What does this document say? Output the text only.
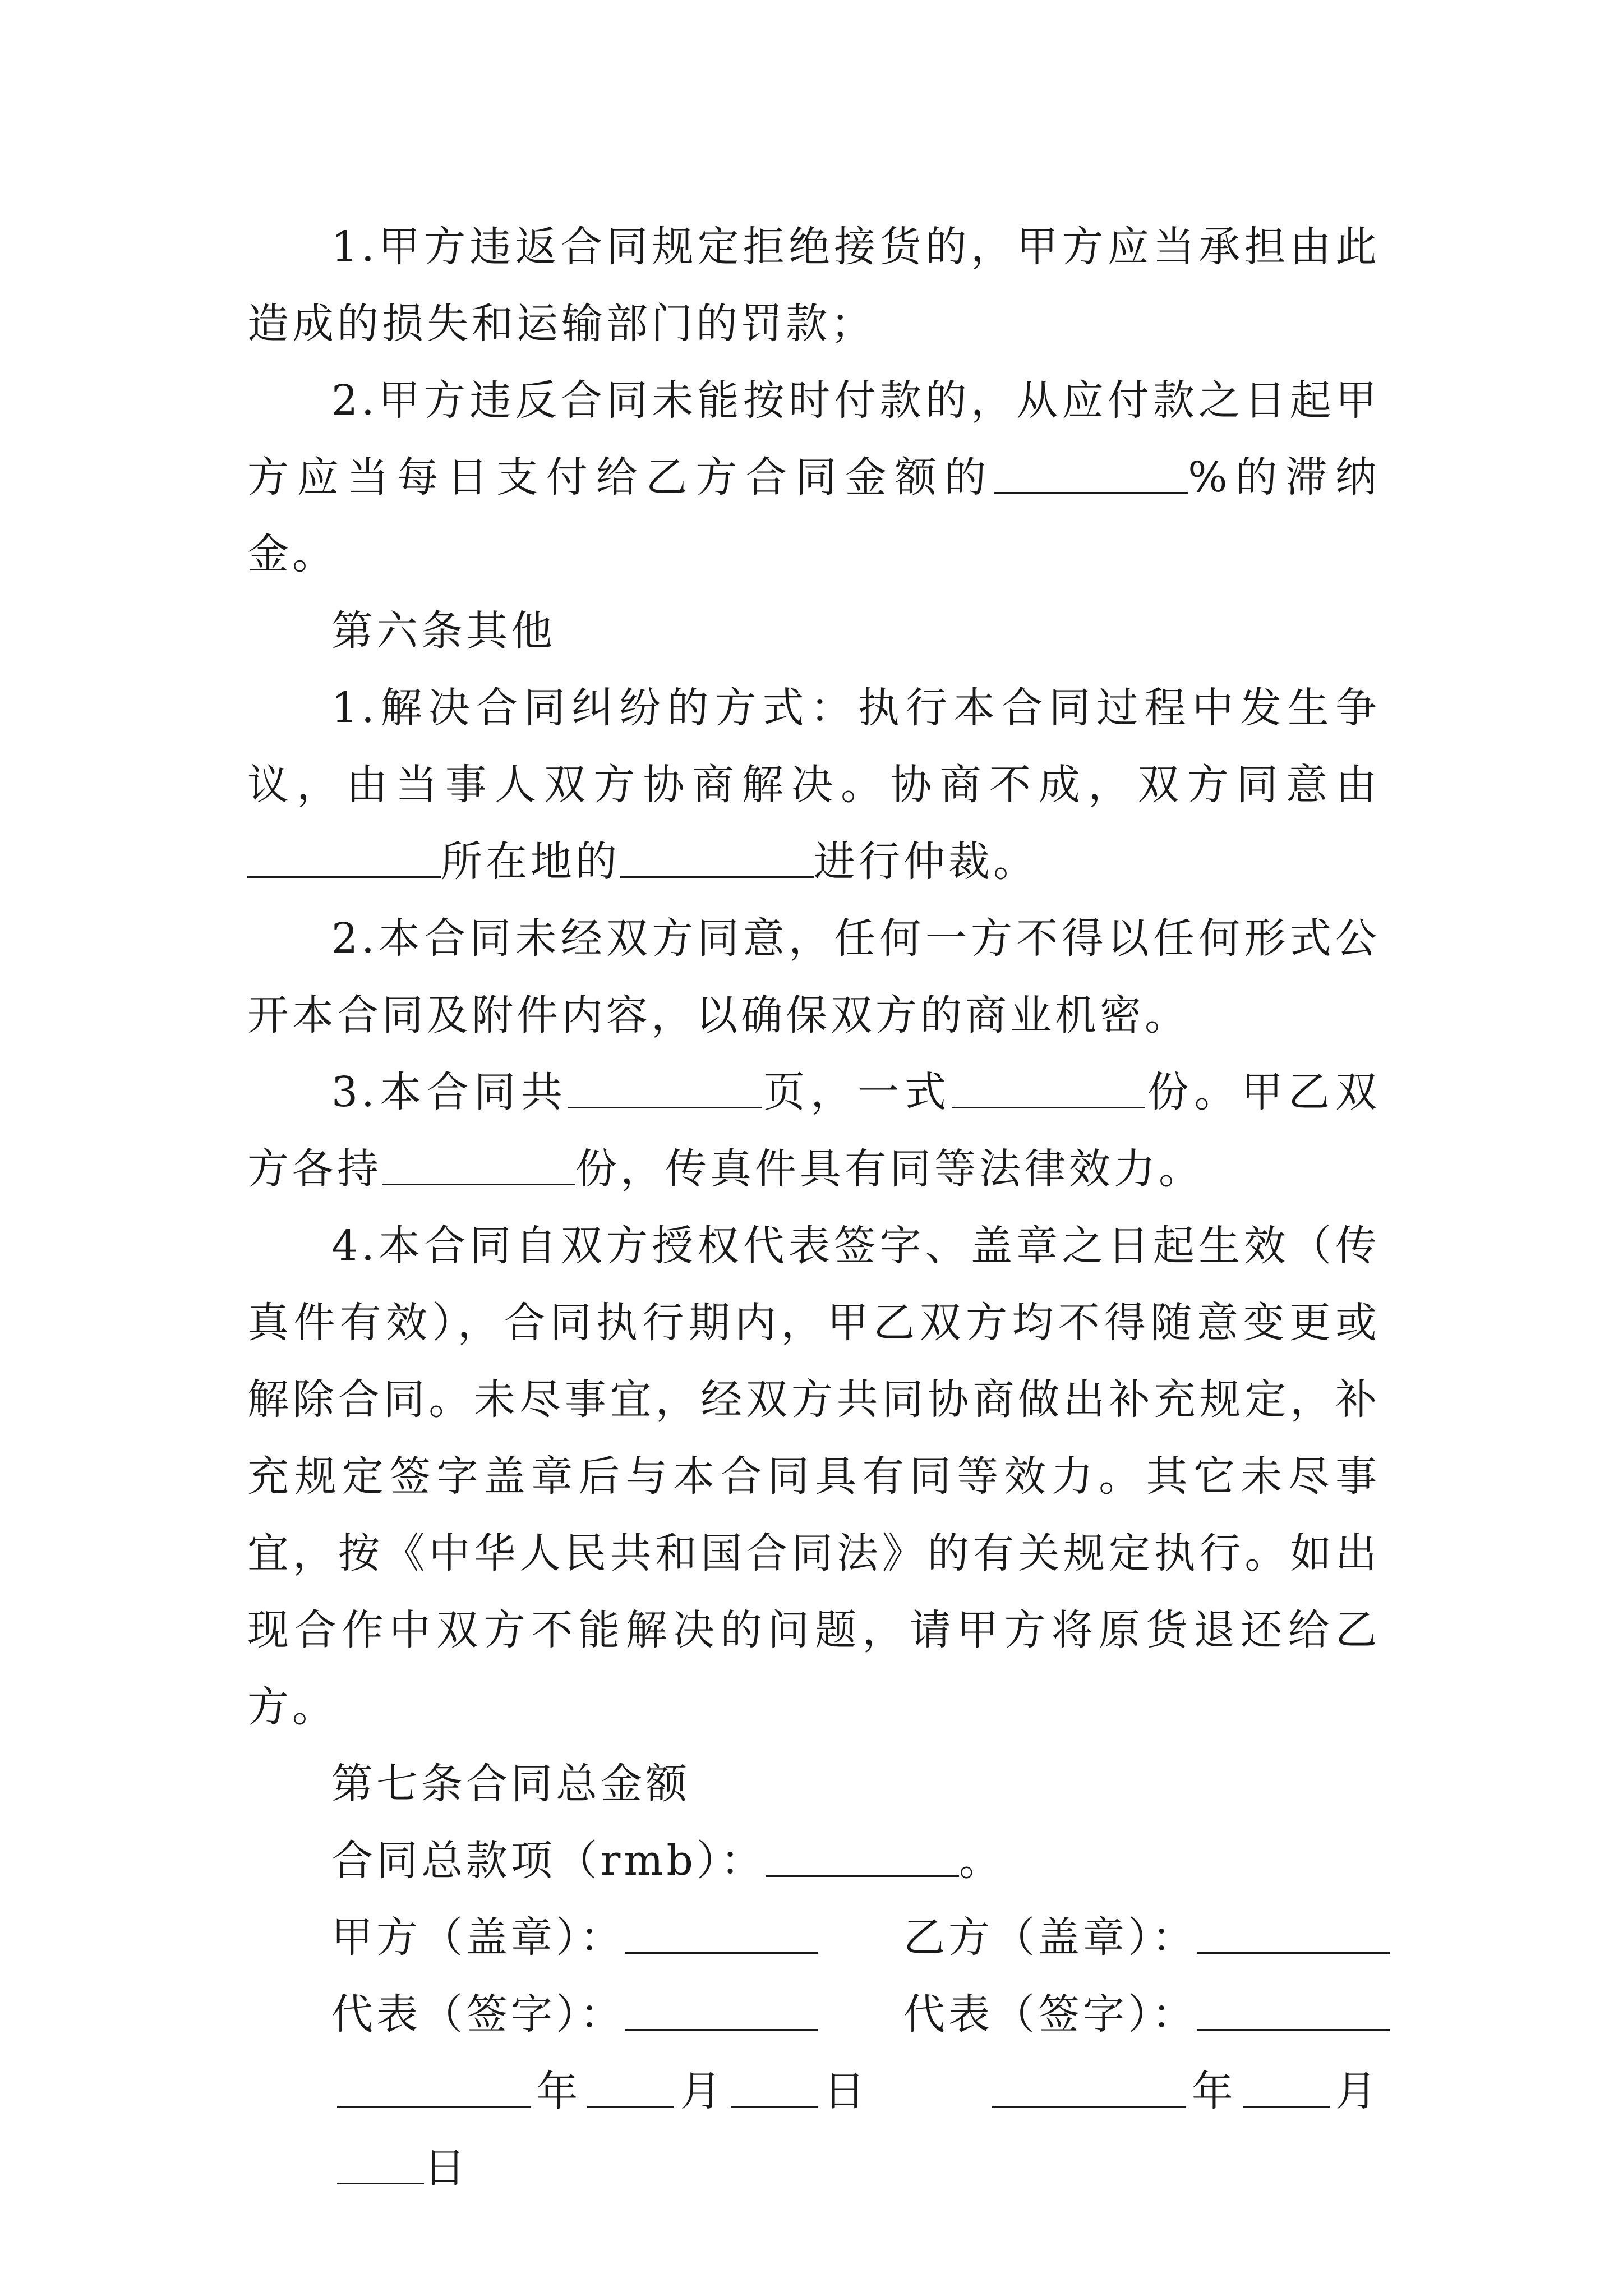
1.甲方违返合同规定拒绝接货的，甲方应当承担由此造成的损失和运输部门的罚款；

2.甲方违反合同未能按时付款的，从应付款之日起甲方应当每日支付给乙方合同金额的	%的滞纳金。

第六条其他

1.解决合同纠纷的方式：执行本合同过程中发生争议，由当事人双方协商解决。协商不成，双方同意由所在地的	进行仲裁。

2.本合同未经双方同意，任何一方不得以任何形式公开本合同及附件内容，以确保双方的商业机密。

3.本合同共	页，一式	份。甲乙双方各持	份，传真件具有同等法律效力。

4.本合同自双方授权代表签字、盖章之日起生效（传真件有效），合同执行期内，甲乙双方均不得随意变更或解除合同。未尽事宜，经双方共同协商做出补充规定，补充规定签字盖章后与本合同具有同等效力。其它未尽事宜，按《中华人民共和国合同法》的有关规定执行。如出现合作中双方不能解决的问题，请甲方将原货退还给乙方。

第七条合同总金额

合同总款项（rmb）：	。

甲方（盖章）：	乙方（盖章）：

代表（签字）：	代表（签字）：

年 月 日	年 月日
